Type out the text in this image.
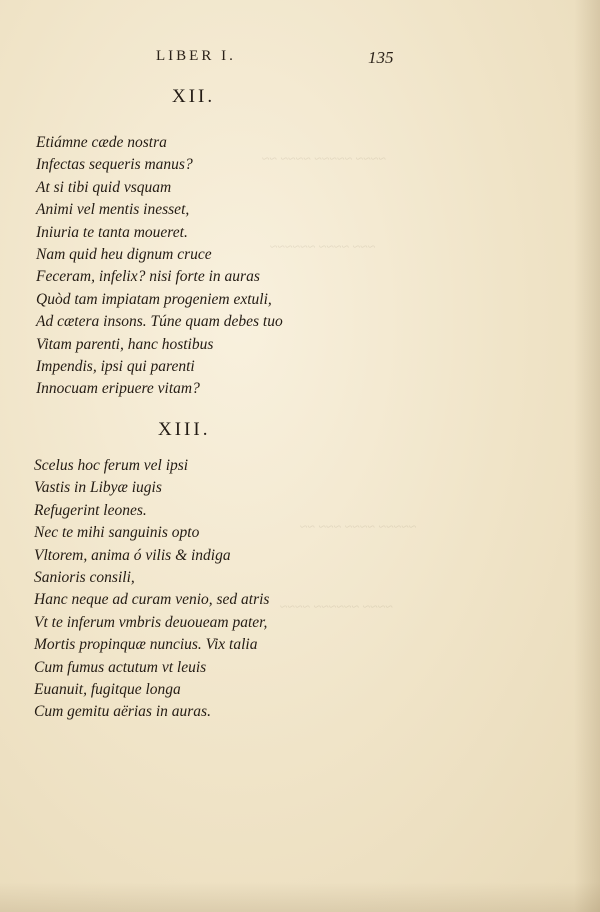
~~~~ ~~~~~ ~~~~ ~~
~~~ ~~~~ ~~~~~~
~~~~~ ~~~~ ~~~ ~~
~~~~ ~~~~~~ ~~~~
LIBER I.	135
XII.
Etiámne cæde nostra
Infectas sequeris manus?
At si tibi quid vsquam
Animi vel mentis inesset,
Iniuria te tanta moueret.
Nam quid heu dignum cruce
Feceram, infelix? nisi forte in auras
Quòd tam impiatam progeniem extuli,
Ad cætera insons. Túne quam debes tuo
Vitam parenti, hanc hostibus
Impendis, ipsi qui parenti
Innocuam eripuere vitam?
XIII.
Scelus hoc ferum vel ipsi
Vastis in Libyæ iugis
Refugerint leones.
Nec te mihi sanguinis opto
Vltorem, anima ó vilis & indiga
Sanioris consili,
Hanc neque ad curam venio, sed atris
Vt te inferum vmbris deuoueam pater,
Mortis propinquæ nuncius. Vix talia
Cum fumus actutum vt leuis
Euanuit, fugitque longa
Cum gemitu aërias in auras.
